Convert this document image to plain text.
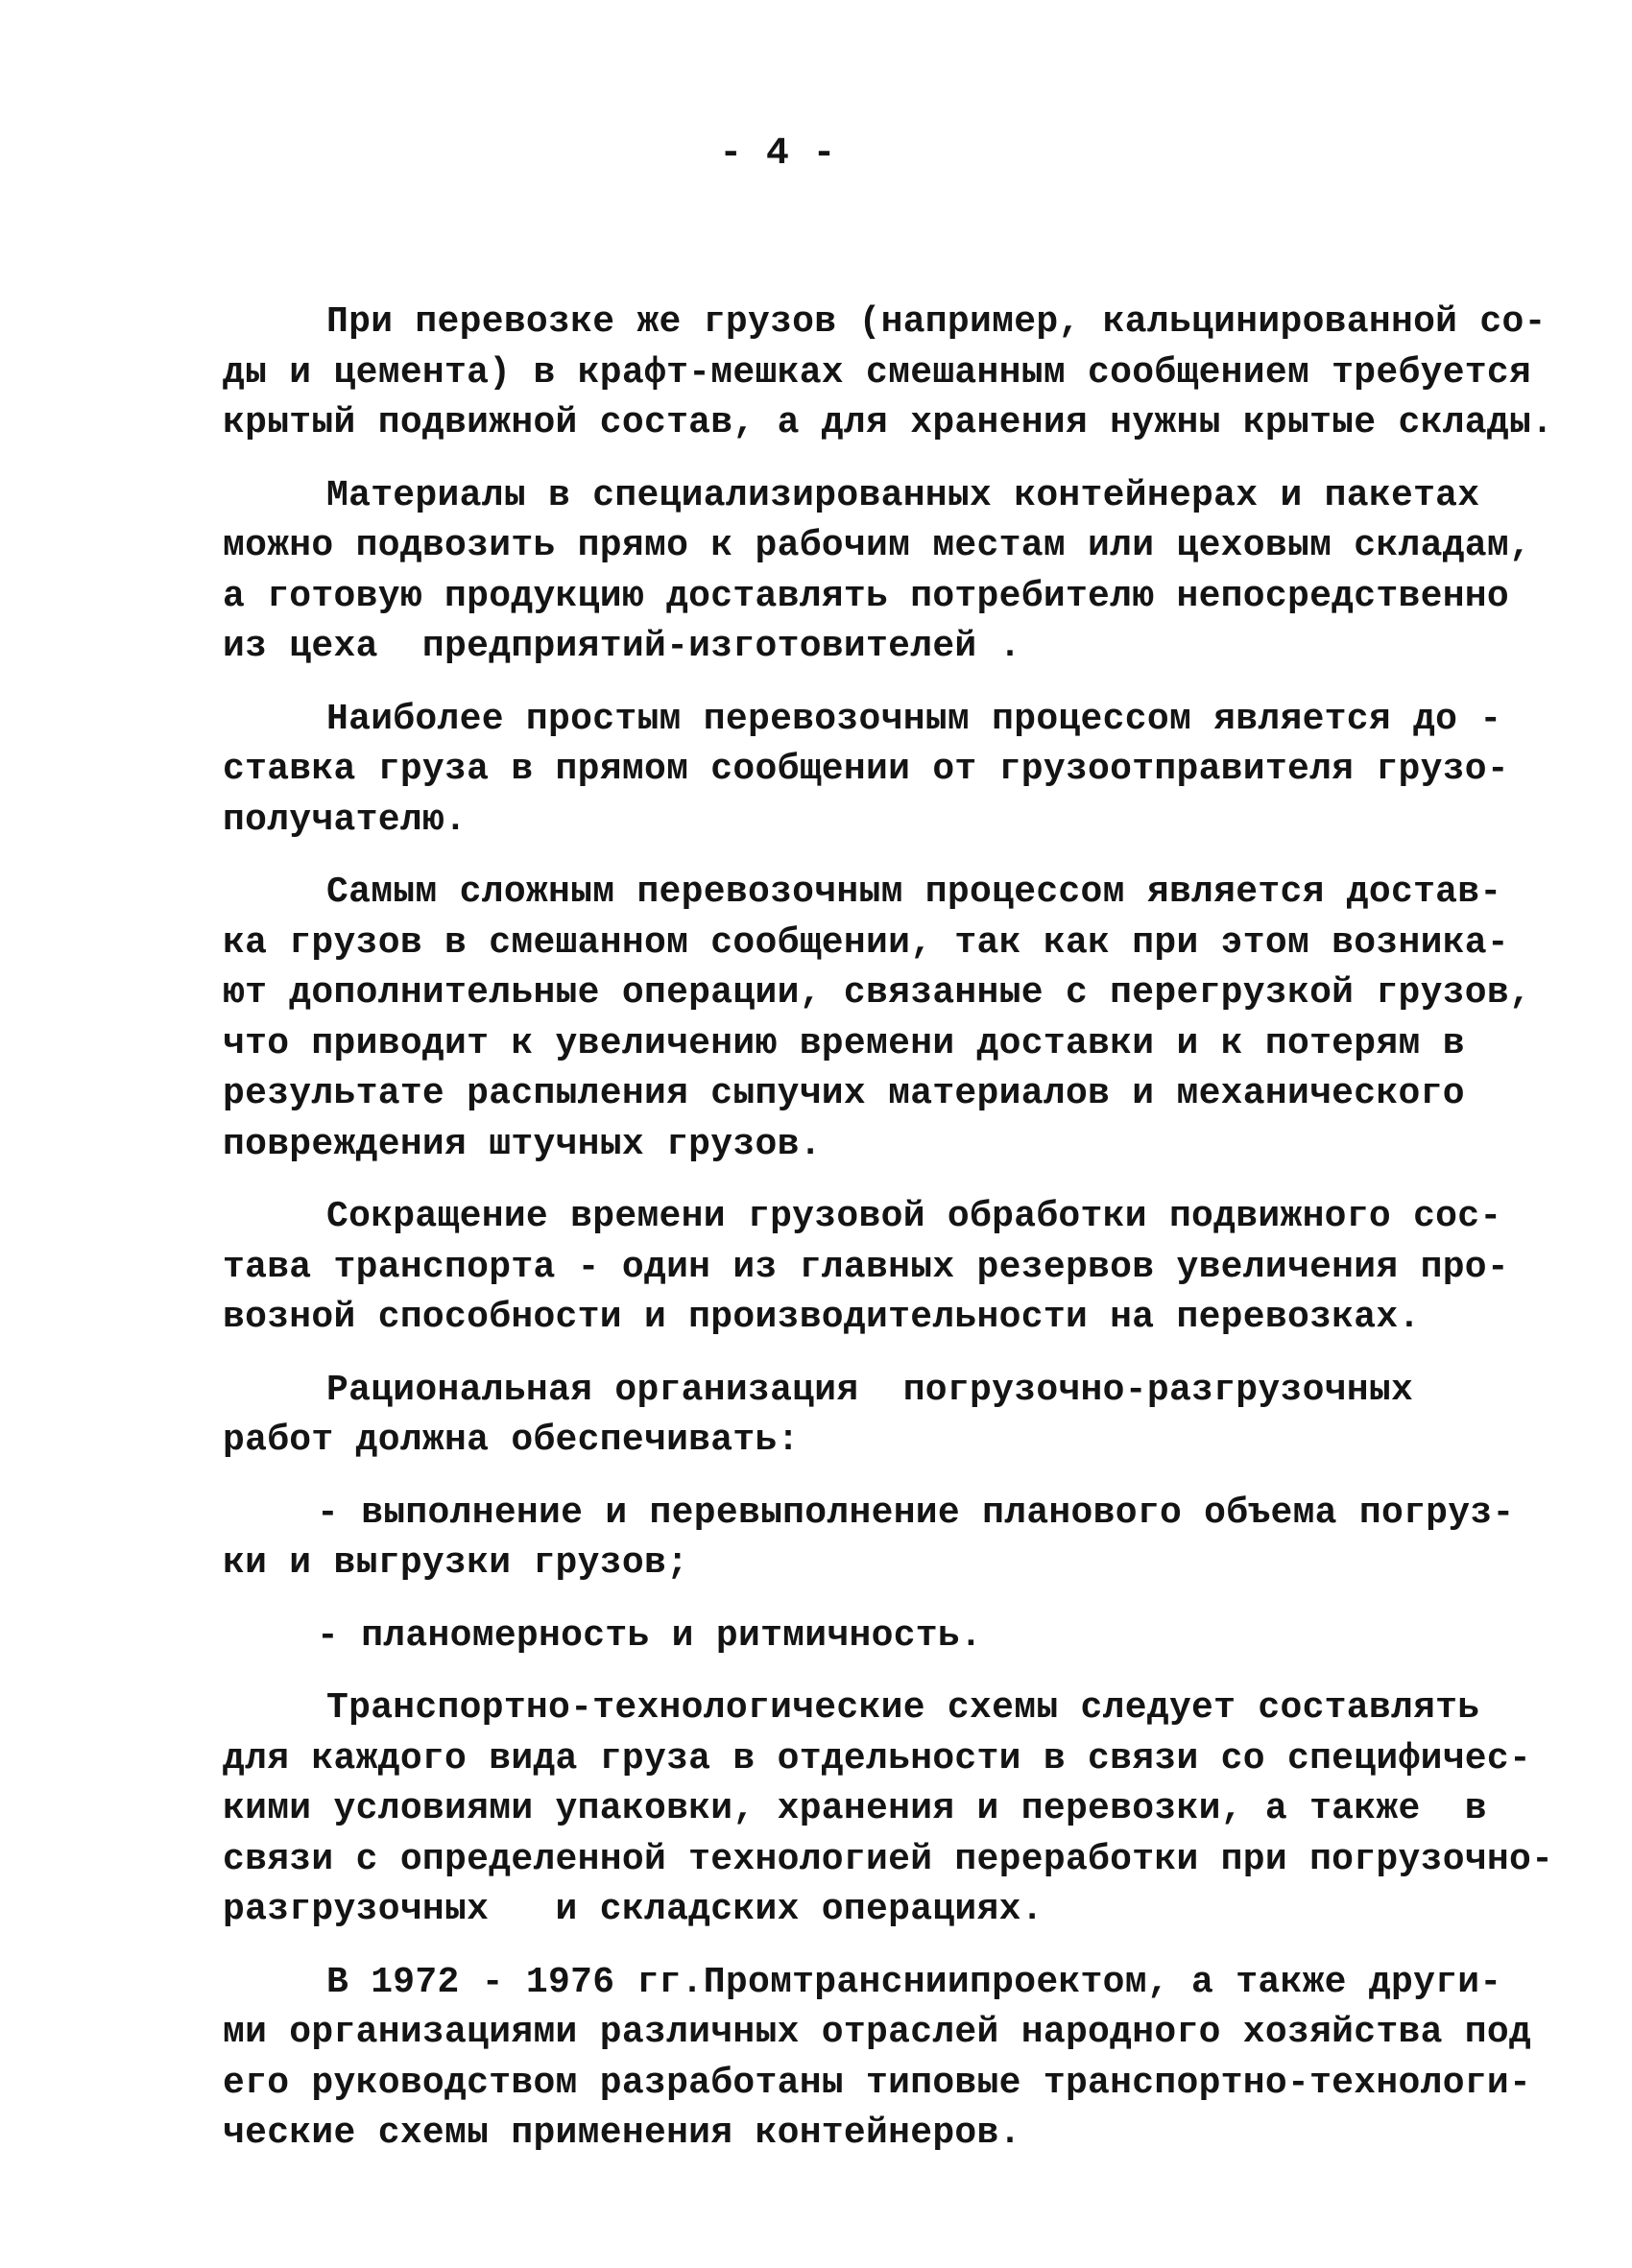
- 4 -
При перевозке же грузов (например, кальцинированной со-
ды и цемента) в крафт-мешках смешанным сообщением требуется
крытый подвижной состав, а для хранения нужны крытые склады.
Материалы в специализированных контейнерах и пакетах
можно подвозить прямо к рабочим местам или цеховым складам,
а готовую продукцию доставлять потребителю непосредственно
из цеха  предприятий-изготовителей .
Наиболее простым перевозочным процессом является до -
ставка груза в прямом сообщении от грузоотправителя грузо-
получателю.
Самым сложным перевозочным процессом является достав-
ка грузов в смешанном сообщении, так как при этом возника-
ют дополнительные операции, связанные с перегрузкой грузов,
что приводит к увеличению времени доставки и к потерям в
результате распыления сыпучих материалов и механического
повреждения штучных грузов.
Сокращение времени грузовой обработки подвижного сос-
тава транспорта - один из главных резервов увеличения про-
возной способности и производительности на перевозках.
Рациональная организация  погрузочно-разгрузочных
работ должна обеспечивать:
- выполнение и перевыполнение планового объема погруз-
ки и выгрузки грузов;
- планомерность и ритмичность.
Транспортно-технологические схемы следует составлять
для каждого вида груза в отдельности в связи со специфичес-
кими условиями упаковки, хранения и перевозки, а также  в
связи с определенной технологией переработки при погрузочно-
разгрузочных   и складских операциях.
В 1972 - 1976 гг.Промтрансниипроектом, а также други-
ми организациями различных отраслей народного хозяйства под
его руководством разработаны типовые транспортно-технологи-
ческие схемы применения контейнеров.
